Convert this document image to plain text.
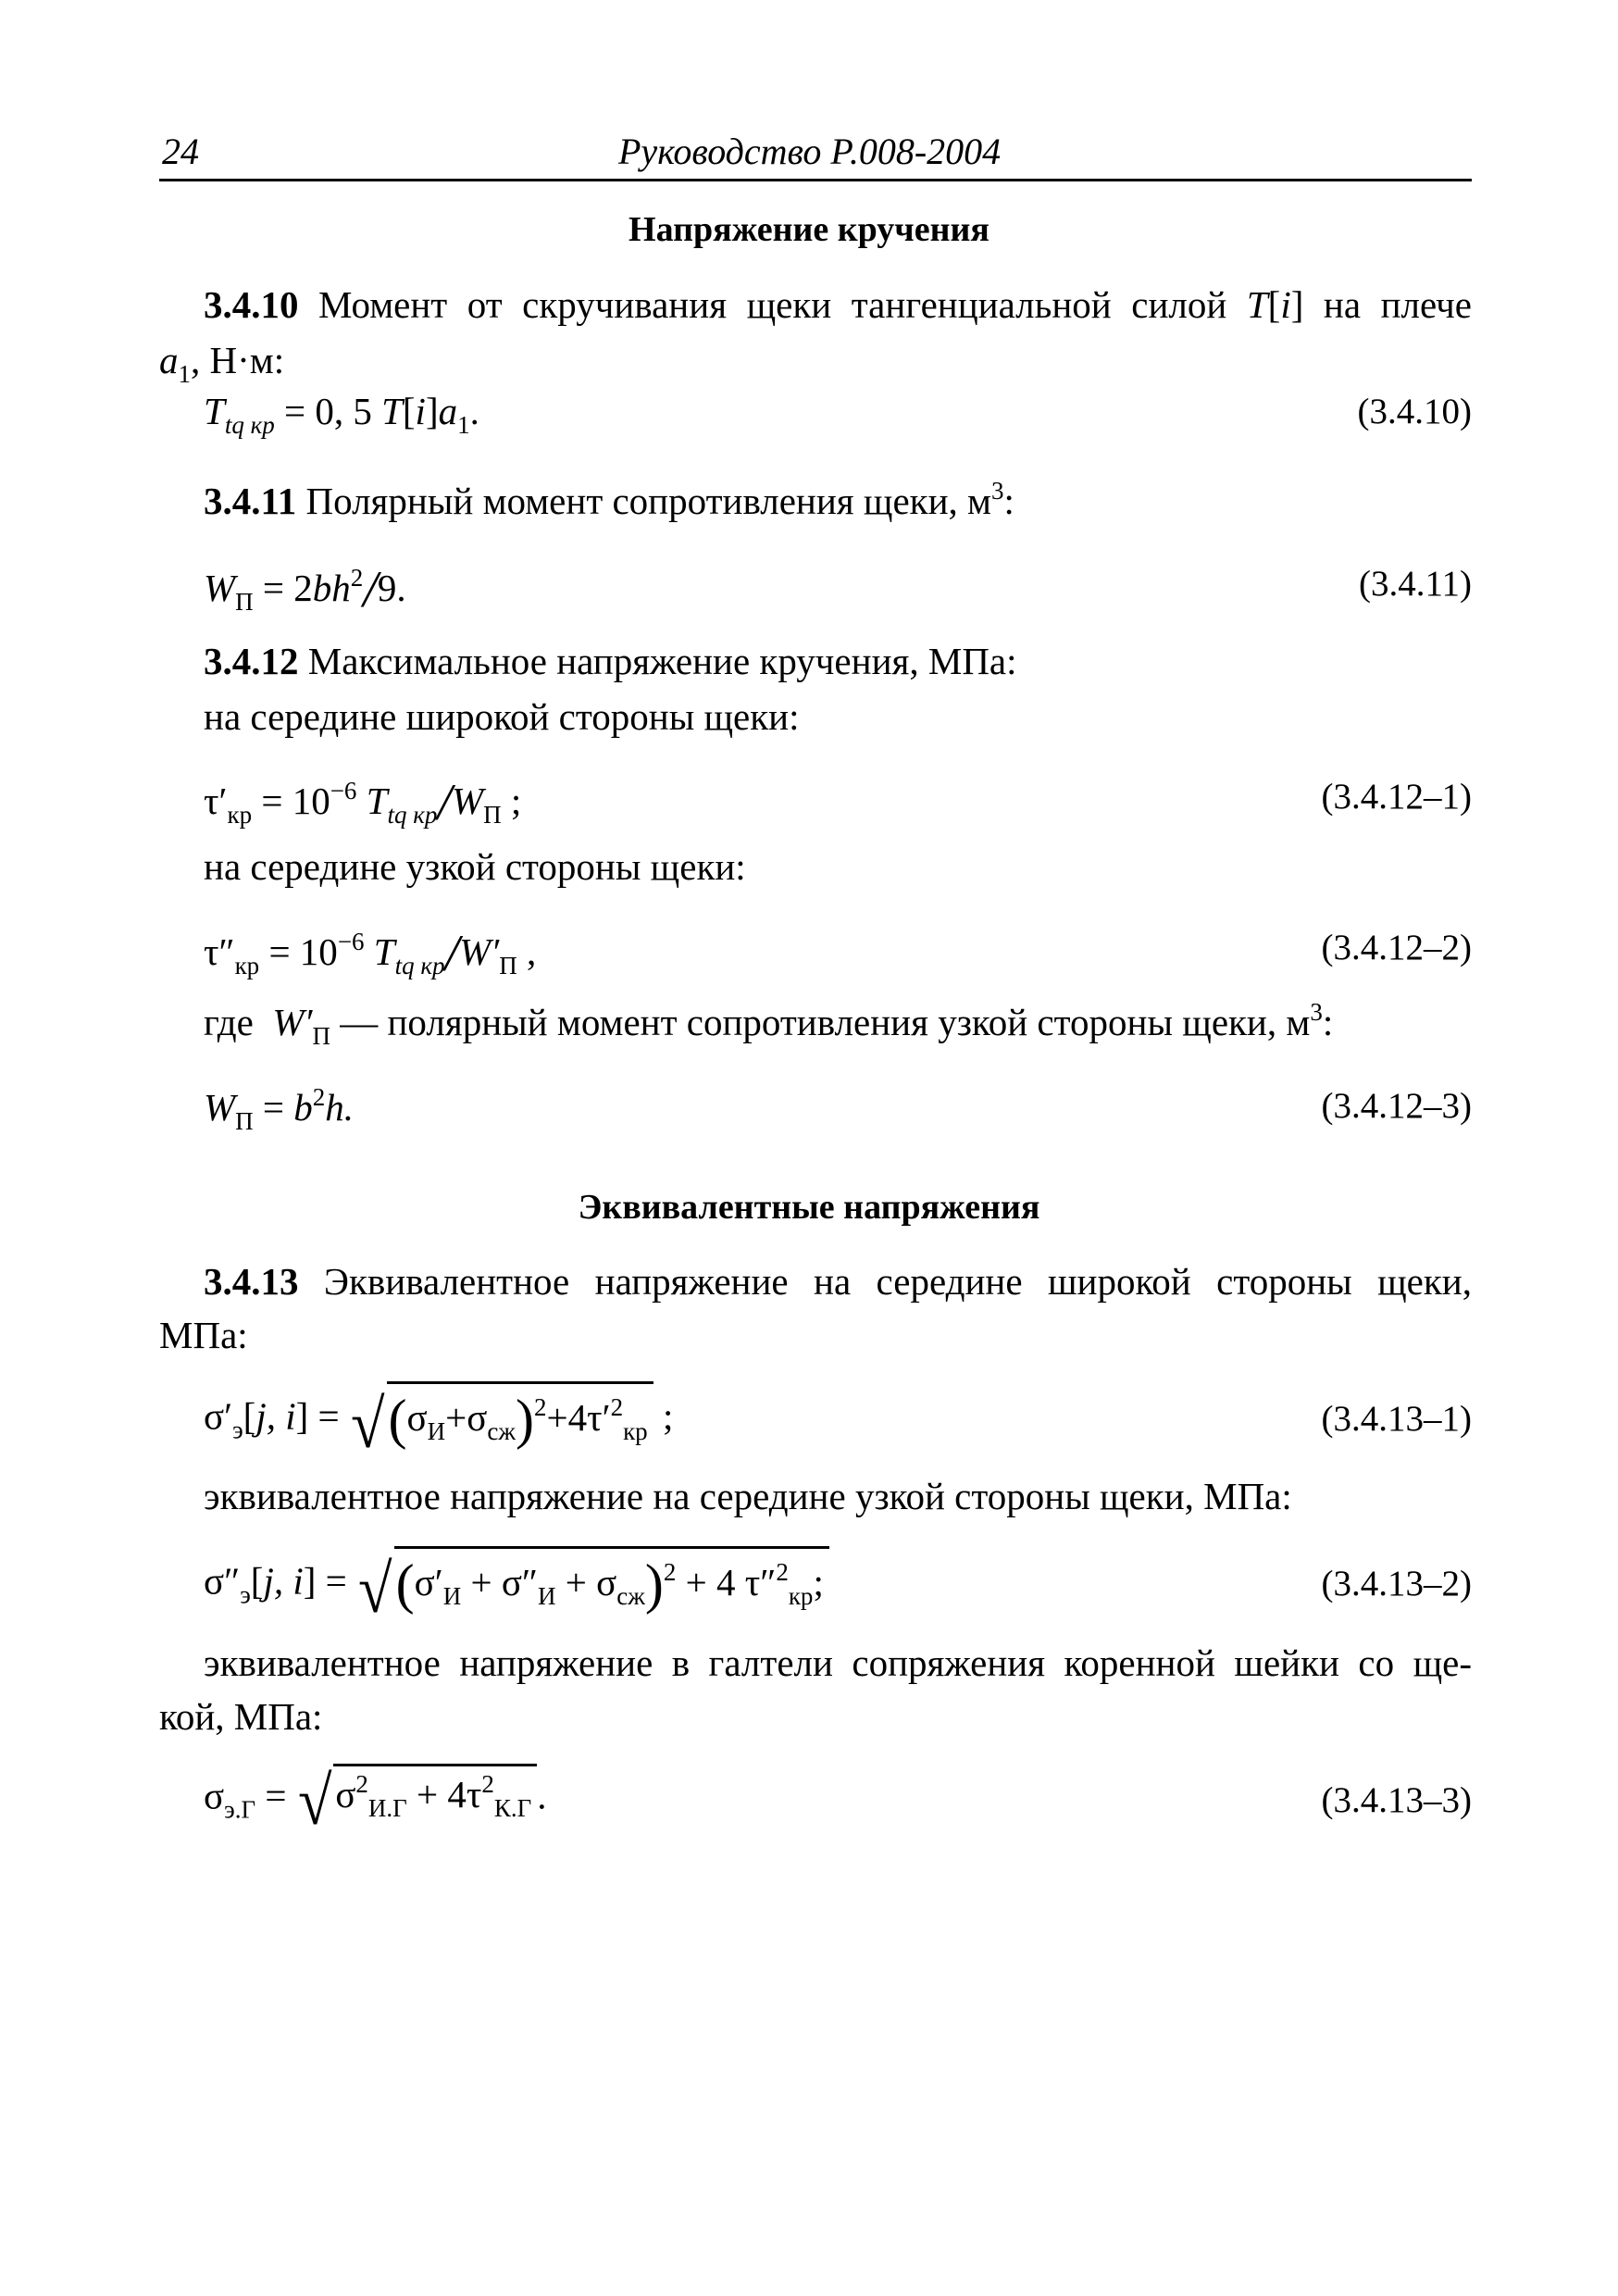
24	Руководство Р.008-2004
Напряжение кручения
3.4.10 Момент от скручивания щеки тангенциальной силой T[i] на плече
$a_1$, Н·м:
$T_{tq кр} = 0$, 5 $T[i]a_1$.	(3.4.10)
3.4.11 Полярный момент сопротивления щеки, $м^3$:
$W_П = 2bh^2/9$.	(3.4.11)
3.4.12 Максимальное напряжение кручения, МПа:
на середине широкой стороны щеки:
$\tau'_{кр} = 10^{-6}$ $T_{tq кр}/W_П$ ;	(3.4.12–1)
на середине узкой стороны щеки:
$\tau''_{кр} = 10^{-6}$ $T_{tq кр}/W'_П$ ,	(3.4.12–2)
где $W'_П$ — полярный момент сопротивления узкой стороны щеки, $м^3$:
$W_П = b^2h$.	(3.4.12–3)
Эквивалентные напряжения
3.4.13 Эквивалентное напряжение на середине широкой стороны щеки,
МПа:
$\sigma'_э[j$, $i] = √(\sigma_И+\sigma_{сж})^2+4\tau'^2_{кр}$ ;	(3.4.13–1)
эквивалентное напряжение на середине узкой стороны щеки, МПа:
$\sigma''_э[j$, $i] = √(\sigma'_И + \sigma''_И + \sigma_{сж})^2 + 4$ τ″$^2_{кр}$;	(3.4.13–2)
эквивалентное напряжение в галтели сопряжения коренной шейки со ще-
кой, МПа:
$\sigma_{э.Г} = √\sigma^2_{И.Г} + 4\tau^2_{К.Г}$ .	(3.4.13–3)
